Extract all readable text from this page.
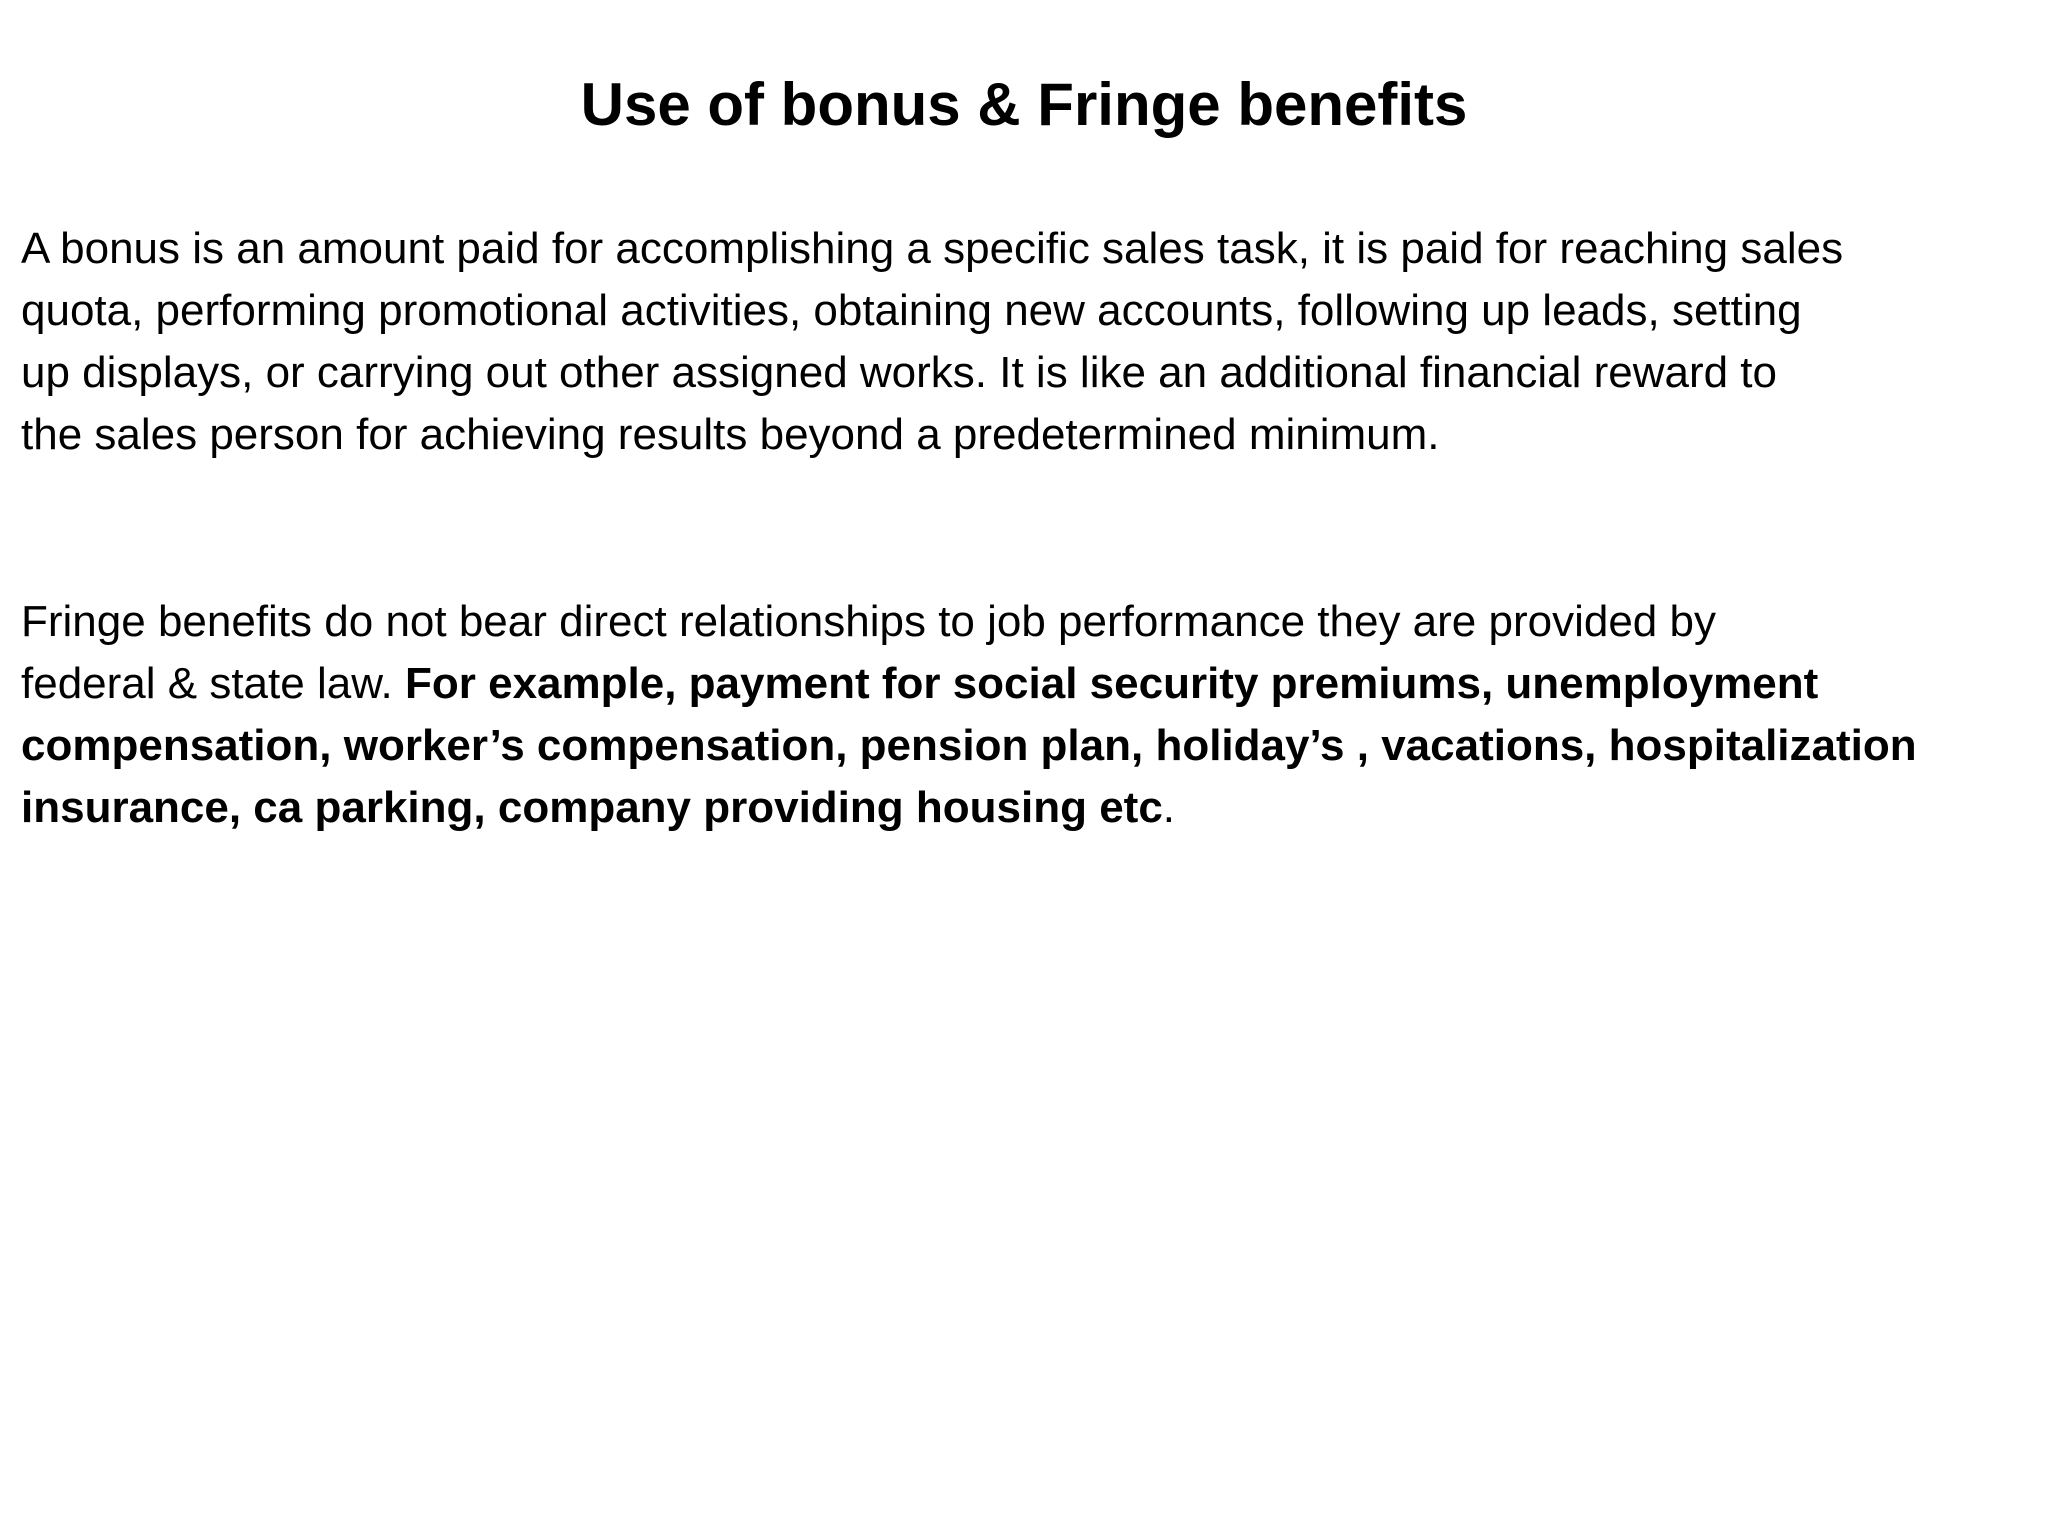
Use of bonus & Fringe benefits

A bonus is an amount paid for accomplishing a specific sales task, it is paid for reaching sales
quota, performing promotional activities, obtaining new accounts, following up leads, setting
up displays, or carrying out other assigned works. It is like an additional financial reward to
the sales person for achieving results beyond a predetermined minimum.

Fringe benefits do not bear direct relationships to job performance they are provided by
federal & state law. For example, payment for social security premiums, unemployment
compensation, worker’s compensation, pension plan, holiday’s , vacations, hospitalization
insurance, ca parking, company providing housing etc.
